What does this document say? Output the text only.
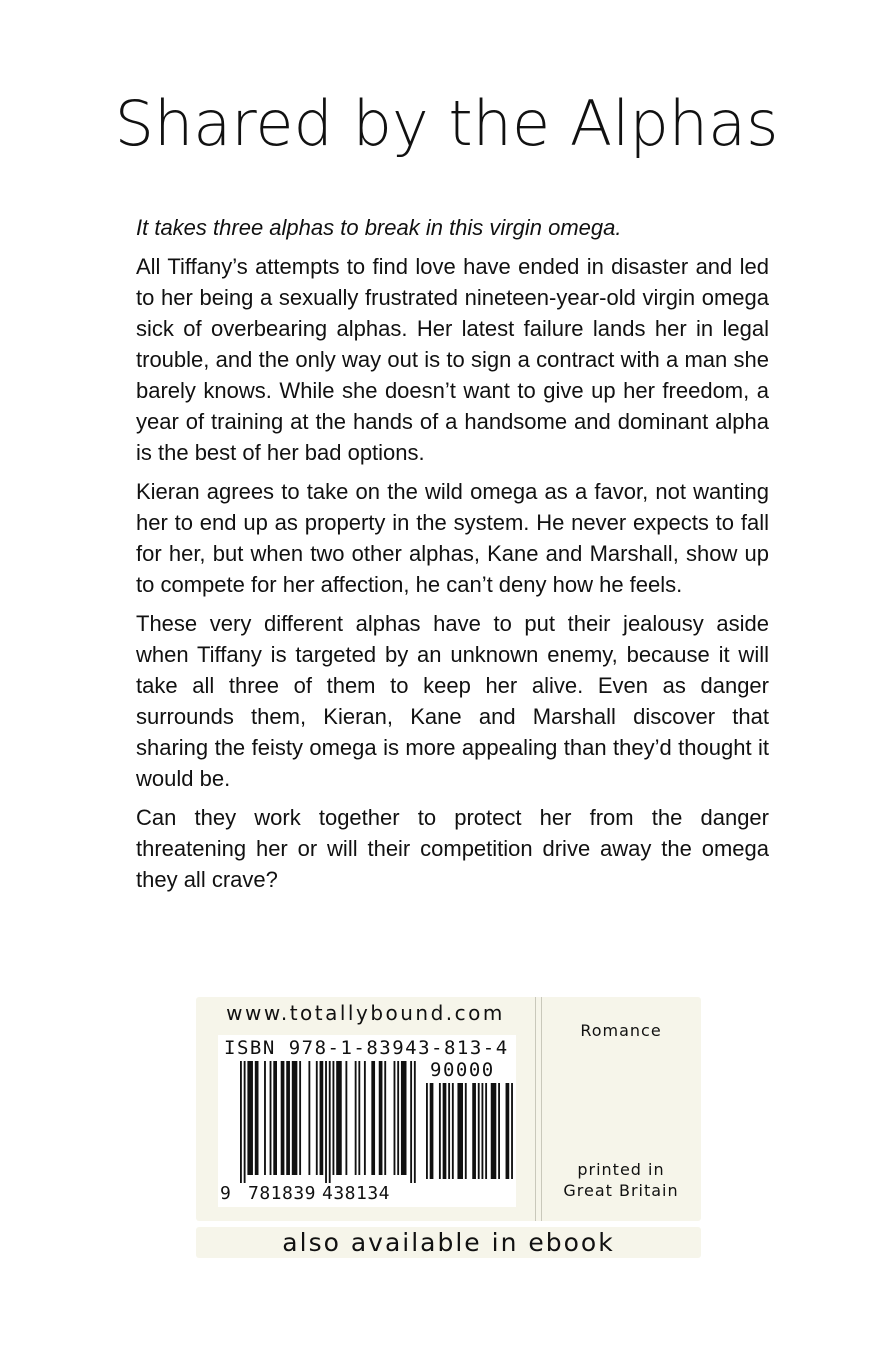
Shared by the Alphas

It takes three alphas to break in this virgin omega.

All Tiffany’s attempts to find love have ended in disaster and led to her being a sexually frustrated nineteen-year-old virgin omega sick of overbearing alphas. Her latest failure lands her in legal trouble, and the only way out is to sign a contract with a man she barely knows. While she doesn’t want to give up her freedom, a year of training at the hands of a handsome and dominant alpha is the best of her bad options.

Kieran agrees to take on the wild omega as a favor, not wanting her to end up as property in the system. He never expects to fall for her, but when two other alphas, Kane and Marshall, show up to compete for her affection, he can’t deny how he feels.

These very different alphas have to put their jealousy aside when Tiffany is targeted by an unknown enemy, because it will take all three of them to keep her alive. Even as danger surrounds them, Kieran, Kane and Marshall discover that sharing the feisty omega is more appealing than they’d thought it would be.

Can they work together to protect her from the danger threatening her or will their competition drive away the omega they all crave?

www.totallybound.com
ISBN 978-1-83943-813-4
90000
9 781839 438134
Romance
printed in
Great Britain
also available in ebook
